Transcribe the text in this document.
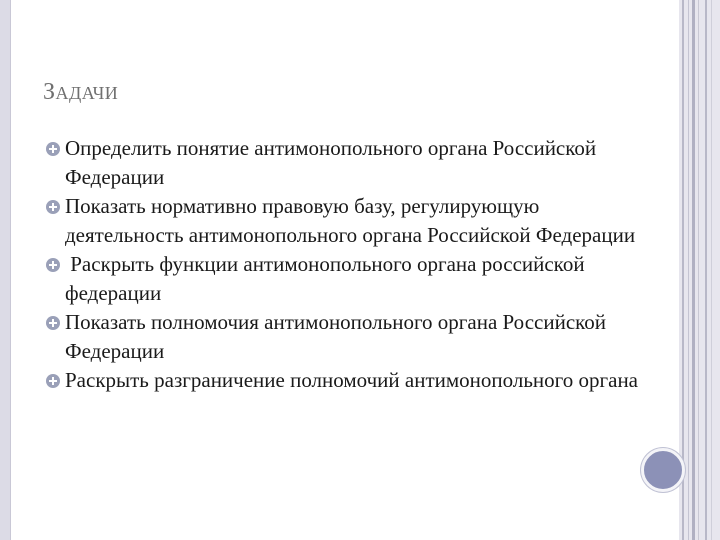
ЗАДАЧИ
Определить понятие антимонопольного органа Российской Федерации
Показать нормативно правовую базу, регулирующую деятельность антимонопольного органа Российской Федерации
Раскрыть функции антимонопольного органа российской федерации
Показать полномочия антимонопольного органа Российской Федерации
Раскрыть разграничение полномочий антимонопольного органа
